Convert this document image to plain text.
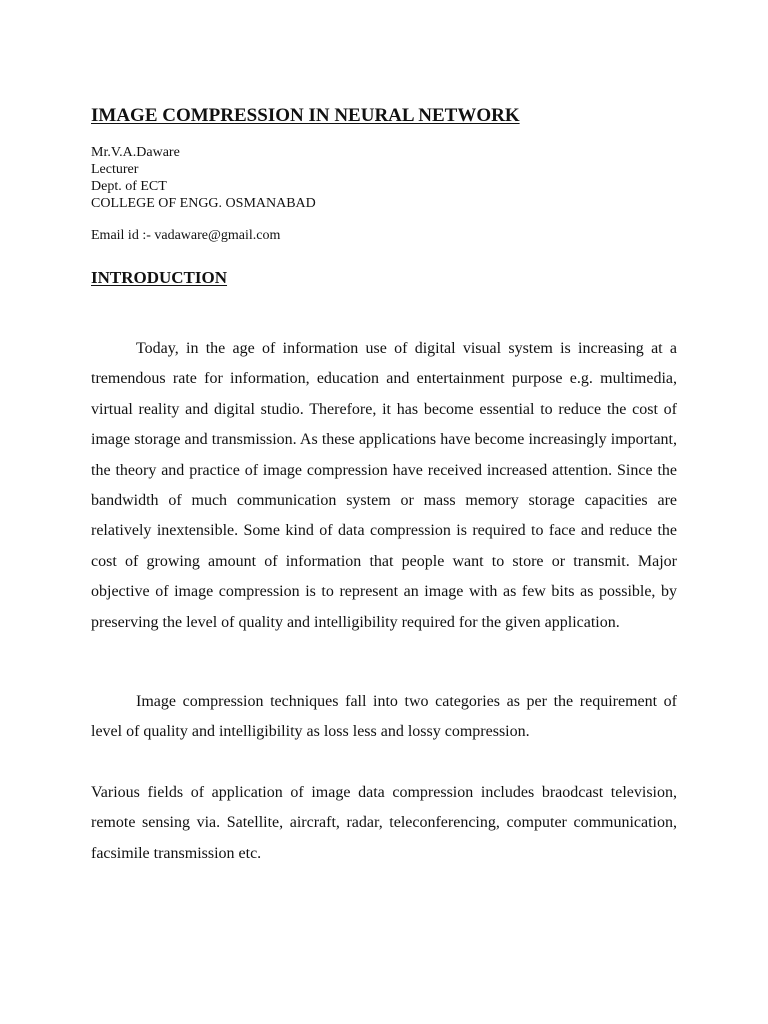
IMAGE COMPRESSION IN NEURAL NETWORK
Mr.V.A.Daware
Lecturer
Dept. of ECT
COLLEGE OF ENGG. OSMANABAD
Email id :- vadaware@gmail.com
INTRODUCTION

Today, in the age of information use of digital visual system is increasing at a tremendous rate for information, education and entertainment purpose e.g. multimedia, virtual reality and digital studio. Therefore, it has become essential to reduce the cost of image storage and transmission. As these applications have become increasingly important, the theory and practice of image compression have received increased attention. Since the bandwidth of much communication system or mass memory storage capacities are relatively inextensible. Some kind of data compression is required to face and reduce the cost of growing amount of information that people want to store or transmit. Major objective of image compression is to represent an image with as few bits as possible, by preserving the level of quality and intelligibility required for the given application.

Image compression techniques fall into two categories as per the requirement of level of quality and intelligibility as loss less and lossy compression.

Various fields of application of image data compression includes braodcast television, remote sensing via. Satellite, aircraft, radar, teleconferencing, computer communication, facsimile transmission etc.
